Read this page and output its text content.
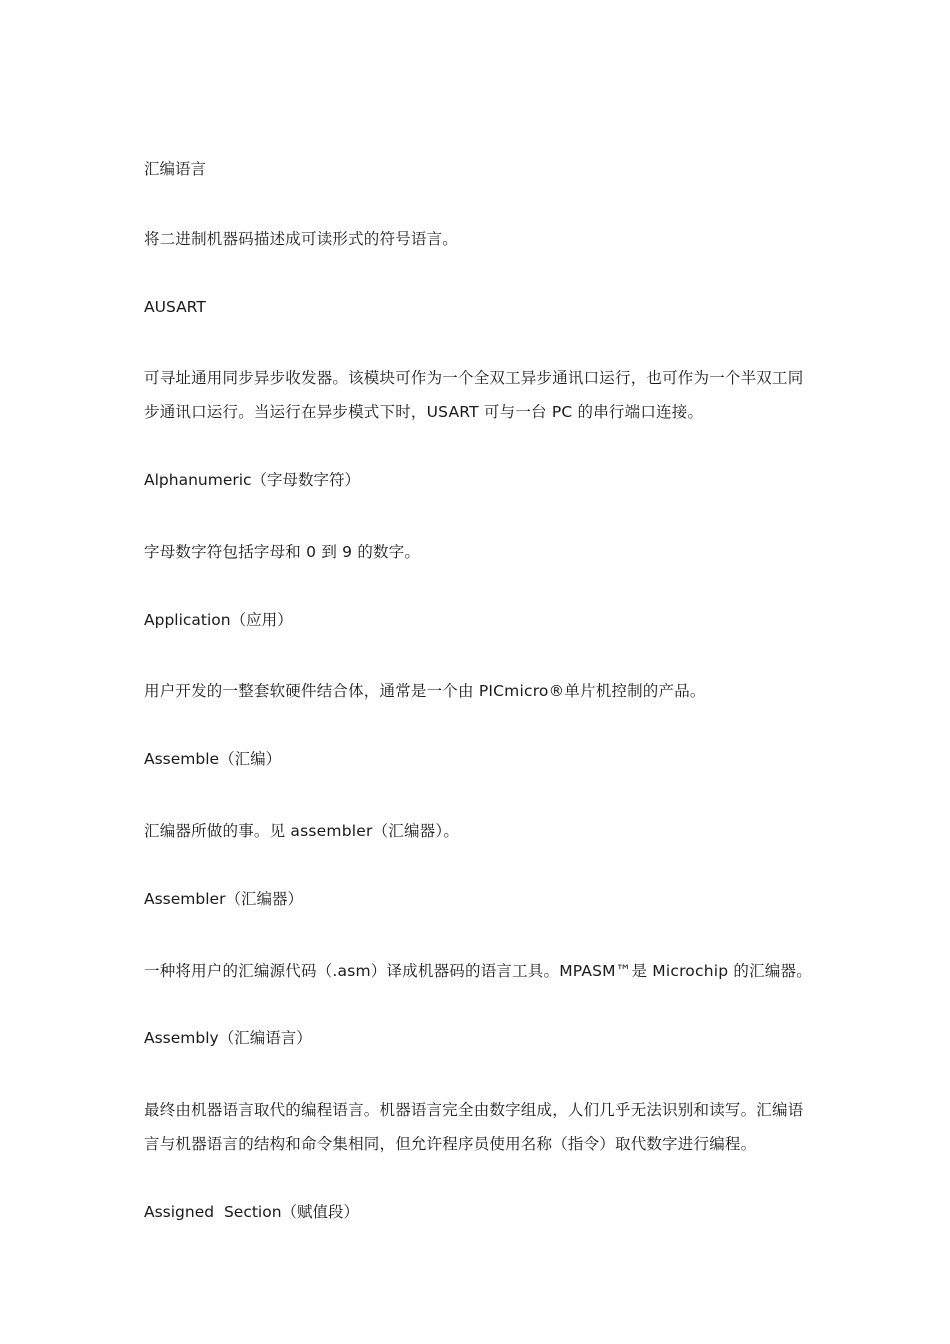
汇编语言

将二进制机器码描述成可读形式的符号语言。

AUSART

可寻址通用同步异步收发器。该模块可作为一个全双工异步通讯口运行，也可作为一个半双工同步通讯口运行。当运行在异步模式下时，USART 可与一台 PC 的串行端口连接。

Alphanumeric（字母数字符）

字母数字符包括字母和 0 到 9 的数字。

Application（应用）

用户开发的一整套软硬件结合体，通常是一个由 PICmicro®单片机控制的产品。

Assemble（汇编）

汇编器所做的事。见 assembler（汇编器）。

Assembler（汇编器）

一种将用户的汇编源代码（.asm）译成机器码的语言工具。MPASM™是 Microchip 的汇编器。

Assembly（汇编语言）

最终由机器语言取代的编程语言。机器语言完全由数字组成，人们几乎无法识别和读写。汇编语言与机器语言的结构和命令集相同，但允许程序员使用名称（指令）取代数字进行编程。

Assigned  Section（赋值段）
